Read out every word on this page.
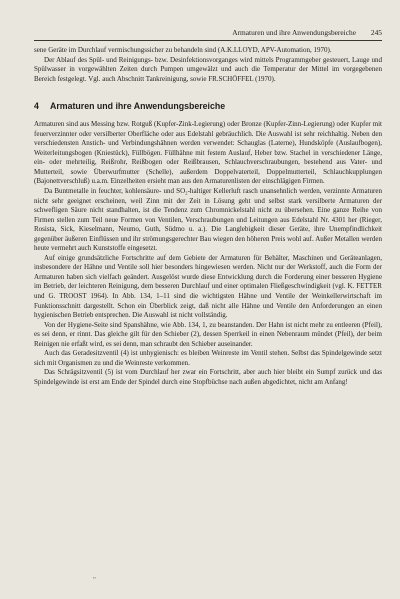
Armaturen und ihre Anwendungsbereiche 245

sene Geräte im Durchlauf vermischungssicher zu behandeln sind (A.K.LLOYD, APV-Automation, 1970).

Der Ablauf des Spül- und Reinigungs- bzw. Desinfektionsvorganges wird mittels Programmgeber gesteuert, Lauge und Spülwasser in vorgewählten Zeiten durch Pumpen umgewälzt und auch die Temperatur der Mittel im vorgegebenen Bereich festgelegt. Vgl. auch Abschnitt Tankreinigung, sowie FR.SCHÖFFEL (1970).

4 Armaturen und ihre Anwendungsbereiche

Armaturen sind aus Messing bzw. Rotguß (Kupfer-Zink-Legierung) oder Bronze (Kupfer-Zinn-Legierung) oder Kupfer mit feuerverzinnter oder versilberter Oberfläche oder aus Edelstahl gebräuchlich. Die Auswahl ist sehr reichhaltig. Neben den verschiedensten Anstich- und Verbindungshähnen werden verwendet: Schauglas (Laterne), Hundsköpfe (Auslaufbogen), Weiterleitungsbogen (Kniestück), Füllbögen. Füllhähne mit festem Auslauf, Heber bzw. Stachel in verschiedener Länge, ein- oder mehrteilig, Reißrohr, Reißbogen oder Reißbrausen, Schlauchverschraubungen, bestehend aus Vater- und Mutterteil, sowie Überwurfmutter (Schelle), außerdem Doppelvaterteil, Doppelmutterteil, Schlauchkupplungen (Bajonettverschluß) u.a.m. Einzelheiten ersieht man aus den Armaturenlisten der einschlägigen Firmen.

Da Buntmetalle in feuchter, kohlensäure- und SO₂-haltiger Kellerluft rasch unansehnlich werden, verzinnte Armaturen nicht sehr geeignet erscheinen, weil Zinn mit der Zeit in Lösung geht und selbst stark versilberte Armaturen der schwefligen Säure nicht standhalten, ist die Tendenz zum Chromnickelstahl nicht zu übersehen. Eine ganze Reihe von Firmen stellen zum Teil neue Formen von Ventilen, Verschraubungen und Leitungen aus Edelstahl Nr. 4301 her (Rieger, Rosista, Sick, Kieselmann, Neumo, Guth, Südmo u. a.). Die Langlebigkeit dieser Geräte, ihre Unempfindlichkeit gegenüber äußeren Einflüssen und ihr strömungsgerechter Bau wiegen den höheren Preis wohl auf. Außer Metallen werden heute vermehrt auch Kunststoffe eingesetzt.

Auf einige grundsätzliche Fortschritte auf dem Gebiete der Armaturen für Behälter, Maschinen und Geräteanlagen, insbesondere der Hähne und Ventile soll hier besonders hingewiesen werden. Nicht nur der Werkstoff, auch die Form der Armaturen haben sich vielfach geändert. Ausgelöst wurde diese Entwicklung durch die Forderung einer besseren Hygiene im Betrieb, der leichteren Reinigung, dem besseren Durchlauf und einer optimalen Fließgeschwindigkeit (vgl. K. FETTER und G. TROOST 1964). In Abb. 134, 1–11 sind die wichtigsten Hähne und Ventile der Weinkellerwirtschaft im Funktionsschnitt dargestellt. Schon ein Überblick zeigt, daß nicht alle Hähne und Ventile den Anforderungen an einen hygienischen Betrieb entsprechen. Die Auswahl ist nicht vollständig.

Von der Hygiene-Seite sind Spanshähne, wie Abb. 134, 1, zu beanstanden. Der Hahn ist nicht mehr zu entleeren (Pfeil), es sei denn, er rinnt. Das gleiche gilt für den Schieber (2), dessen Sperrkeil in einen Nebenraum mündet (Pfeil), der beim Reinigen nie erfaßt wird, es sei denn, man schraubt den Schieber auseinander.

Auch das Geradesitzventil (4) ist unhygienisch: es bleiben Weinreste im Ventil stehen. Selbst das Spindelgewinde setzt sich mit Organismen zu und die Weinreste verkommen.

Das Schrägsitzventil (5) ist vom Durchlauf her zwar ein Fortschritt, aber auch hier bleibt ein Sumpf zurück und das Spindelgewinde ist erst am Ende der Spindel durch eine Stopfbüchse nach außen abgedichtet, nicht am Anfang!

"
